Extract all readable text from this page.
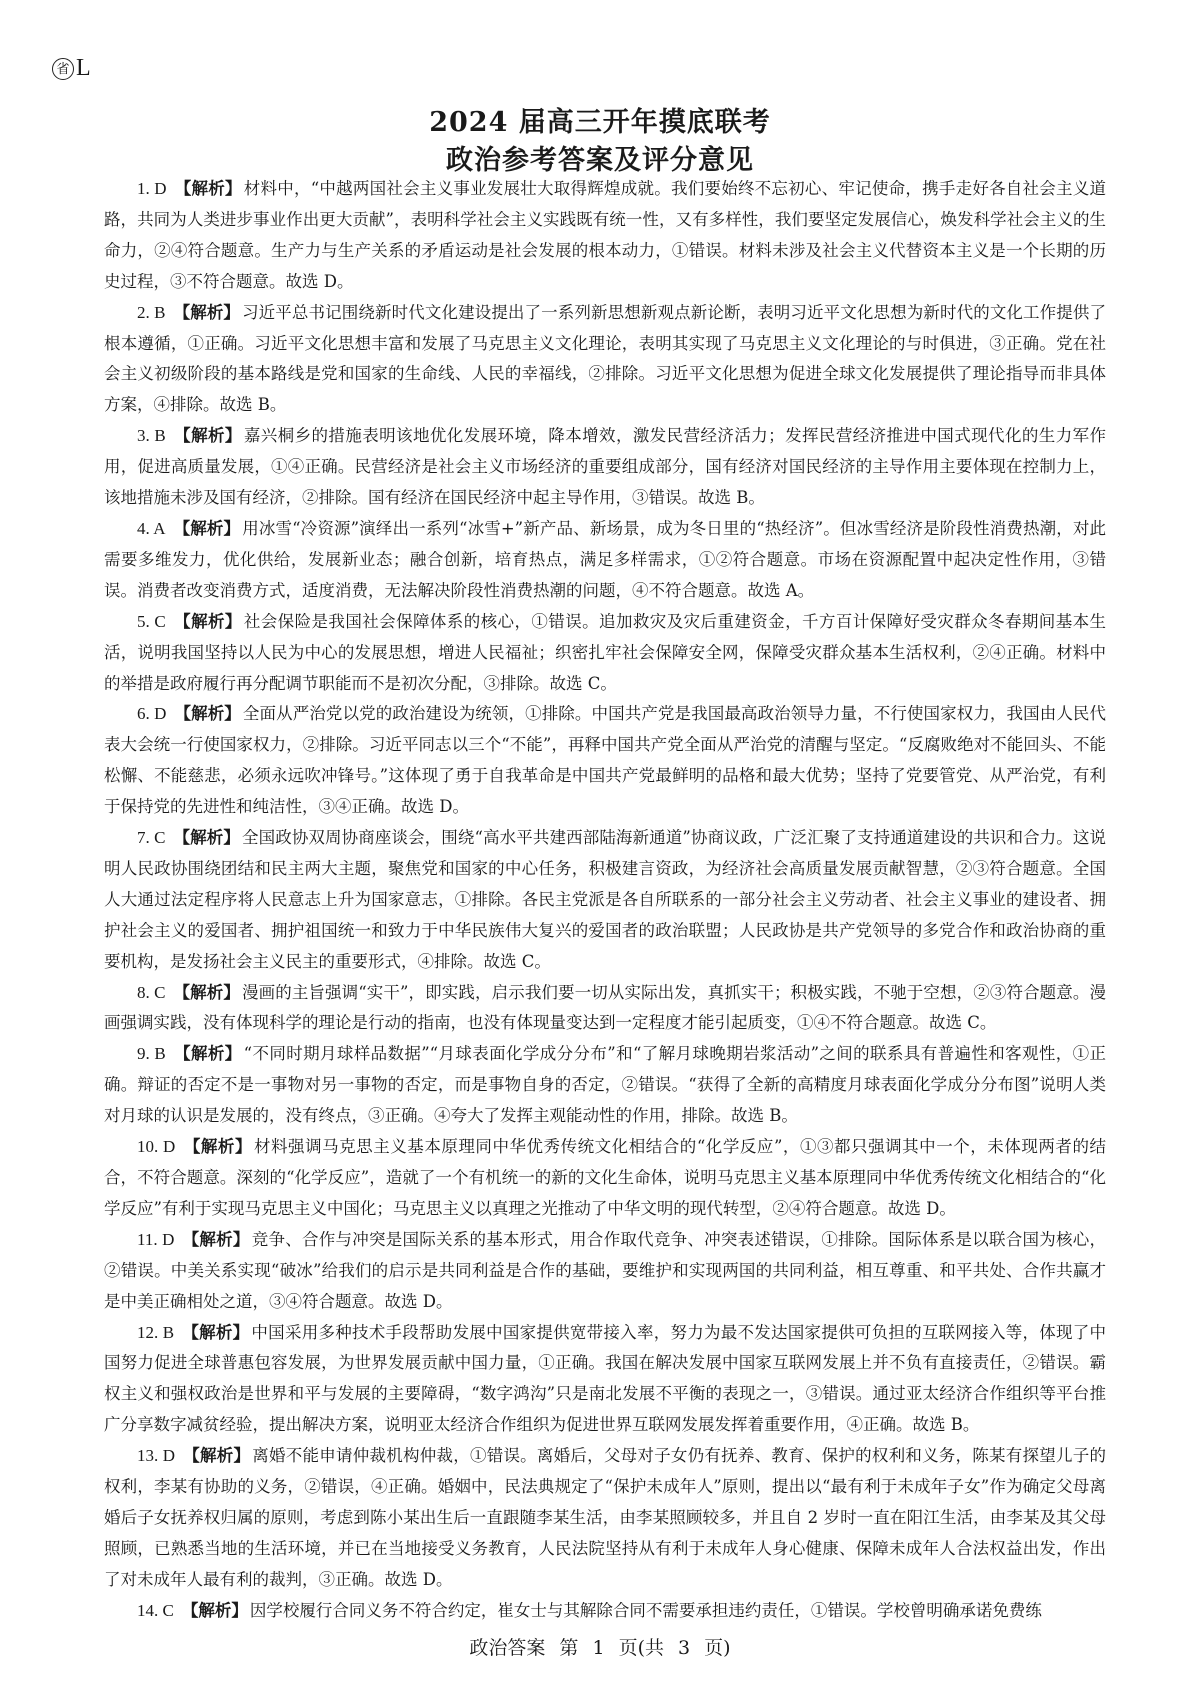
省 L
2024 届高三开年摸底联考
政治参考答案及评分意见

1. D 【解析】 材料中，“中越两国社会主义事业发展壮大取得辉煌成就。我们要始终不忘初心、牢记使命，携手走好各自社会主义道路，共同为人类进步事业作出更大贡献”，表明科学社会主义实践既有统一性，又有多样性，我们要坚定发展信心，焕发科学社会主义的生命力，②④符合题意。生产力与生产关系的矛盾运动是社会发展的根本动力，①错误。材料未涉及社会主义代替资本主义是一个长期的历史过程，③不符合题意。故选 D。

2. B 【解析】 习近平总书记围绕新时代文化建设提出了一系列新思想新观点新论断，表明习近平文化思想为新时代的文化工作提供了根本遵循，①正确。习近平文化思想丰富和发展了马克思主义文化理论，表明其实现了马克思主义文化理论的与时俱进，③正确。党在社会主义初级阶段的基本路线是党和国家的生命线、人民的幸福线，②排除。习近平文化思想为促进全球文化发展提供了理论指导而非具体方案，④排除。故选 B。

3. B 【解析】 嘉兴桐乡的措施表明该地优化发展环境，降本增效，激发民营经济活力；发挥民营经济推进中国式现代化的生力军作用，促进高质量发展，①④正确。民营经济是社会主义市场经济的重要组成部分，国有经济对国民经济的主导作用主要体现在控制力上，该地措施未涉及国有经济，②排除。国有经济在国民经济中起主导作用，③错误。故选 B。

4. A 【解析】 用冰雪“冷资源”演绎出一系列“冰雪+”新产品、新场景，成为冬日里的“热经济”。但冰雪经济是阶段性消费热潮，对此需要多维发力，优化供给，发展新业态；融合创新，培育热点，满足多样需求，①②符合题意。市场在资源配置中起决定性作用，③错误。消费者改变消费方式，适度消费，无法解决阶段性消费热潮的问题，④不符合题意。故选 A。

5. C 【解析】 社会保险是我国社会保障体系的核心，①错误。追加救灾及灾后重建资金，千方百计保障好受灾群众冬春期间基本生活，说明我国坚持以人民为中心的发展思想，增进人民福祉；织密扎牢社会保障安全网，保障受灾群众基本生活权利，②④正确。材料中的举措是政府履行再分配调节职能而不是初次分配，③排除。故选 C。

6. D 【解析】 全面从严治党以党的政治建设为统领，①排除。中国共产党是我国最高政治领导力量，不行使国家权力，我国由人民代表大会统一行使国家权力，②排除。习近平同志以三个“不能”，再释中国共产党全面从严治党的清醒与坚定。“反腐败绝对不能回头、不能松懈、不能慈悲，必须永远吹冲锋号。”这体现了勇于自我革命是中国共产党最鲜明的品格和最大优势；坚持了党要管党、从严治党，有利于保持党的先进性和纯洁性，③④正确。故选 D。

7. C 【解析】 全国政协双周协商座谈会，围绕“高水平共建西部陆海新通道”协商议政，广泛汇聚了支持通道建设的共识和合力。这说明人民政协围绕团结和民主两大主题，聚焦党和国家的中心任务，积极建言资政，为经济社会高质量发展贡献智慧，②③符合题意。全国人大通过法定程序将人民意志上升为国家意志，①排除。各民主党派是各自所联系的一部分社会主义劳动者、社会主义事业的建设者、拥护社会主义的爱国者、拥护祖国统一和致力于中华民族伟大复兴的爱国者的政治联盟；人民政协是共产党领导的多党合作和政治协商的重要机构，是发扬社会主义民主的重要形式，④排除。故选 C。

8. C 【解析】 漫画的主旨强调“实干”，即实践，启示我们要一切从实际出发，真抓实干；积极实践，不驰于空想，②③符合题意。漫画强调实践，没有体现科学的理论是行动的指南，也没有体现量变达到一定程度才能引起质变，①④不符合题意。故选 C。

9. B 【解析】 “不同时期月球样品数据”“月球表面化学成分分布”和“了解月球晚期岩浆活动”之间的联系具有普遍性和客观性，①正确。辩证的否定不是一事物对另一事物的否定，而是事物自身的否定，②错误。“获得了全新的高精度月球表面化学成分分布图”说明人类对月球的认识是发展的，没有终点，③正确。④夸大了发挥主观能动性的作用，排除。故选 B。

10. D 【解析】 材料强调马克思主义基本原理同中华优秀传统文化相结合的“化学反应”，①③都只强调其中一个，未体现两者的结合，不符合题意。深刻的“化学反应”，造就了一个有机统一的新的文化生命体，说明马克思主义基本原理同中华优秀传统文化相结合的“化学反应”有利于实现马克思主义中国化；马克思主义以真理之光推动了中华文明的现代转型，②④符合题意。故选 D。

11. D 【解析】 竞争、合作与冲突是国际关系的基本形式，用合作取代竞争、冲突表述错误，①排除。国际体系是以联合国为核心，②错误。中美关系实现“破冰”给我们的启示是共同利益是合作的基础，要维护和实现两国的共同利益，相互尊重、和平共处、合作共赢才是中美正确相处之道，③④符合题意。故选 D。

12. B 【解析】 中国采用多种技术手段帮助发展中国家提供宽带接入率，努力为最不发达国家提供可负担的互联网接入等，体现了中国努力促进全球普惠包容发展，为世界发展贡献中国力量，①正确。我国在解决发展中国家互联网发展上并不负有直接责任，②错误。霸权主义和强权政治是世界和平与发展的主要障碍，“数字鸿沟”只是南北发展不平衡的表现之一，③错误。通过亚太经济合作组织等平台推广分享数字减贫经验，提出解决方案，说明亚太经济合作组织为促进世界互联网发展发挥着重要作用，④正确。故选 B。

13. D 【解析】 离婚不能申请仲裁机构仲裁，①错误。离婚后，父母对子女仍有抚养、教育、保护的权利和义务，陈某有探望儿子的权利，李某有协助的义务，②错误，④正确。婚姻中，民法典规定了“保护未成年人”原则，提出以“最有利于未成年子女”作为确定父母离婚后子女抚养权归属的原则，考虑到陈小某出生后一直跟随李某生活，由李某照顾较多，并且自 2 岁时一直在阳江生活，由李某及其父母照顾，已熟悉当地的生活环境，并已在当地接受义务教育，人民法院坚持从有利于未成年人身心健康、保障未成年人合法权益出发，作出了对未成年人最有利的裁判，③正确。故选 D。

14. C 【解析】 因学校履行合同义务不符合约定，崔女士与其解除合同不需要承担违约责任，①错误。学校曾明确承诺免费练

政治答案 第 1 页(共 3 页)
